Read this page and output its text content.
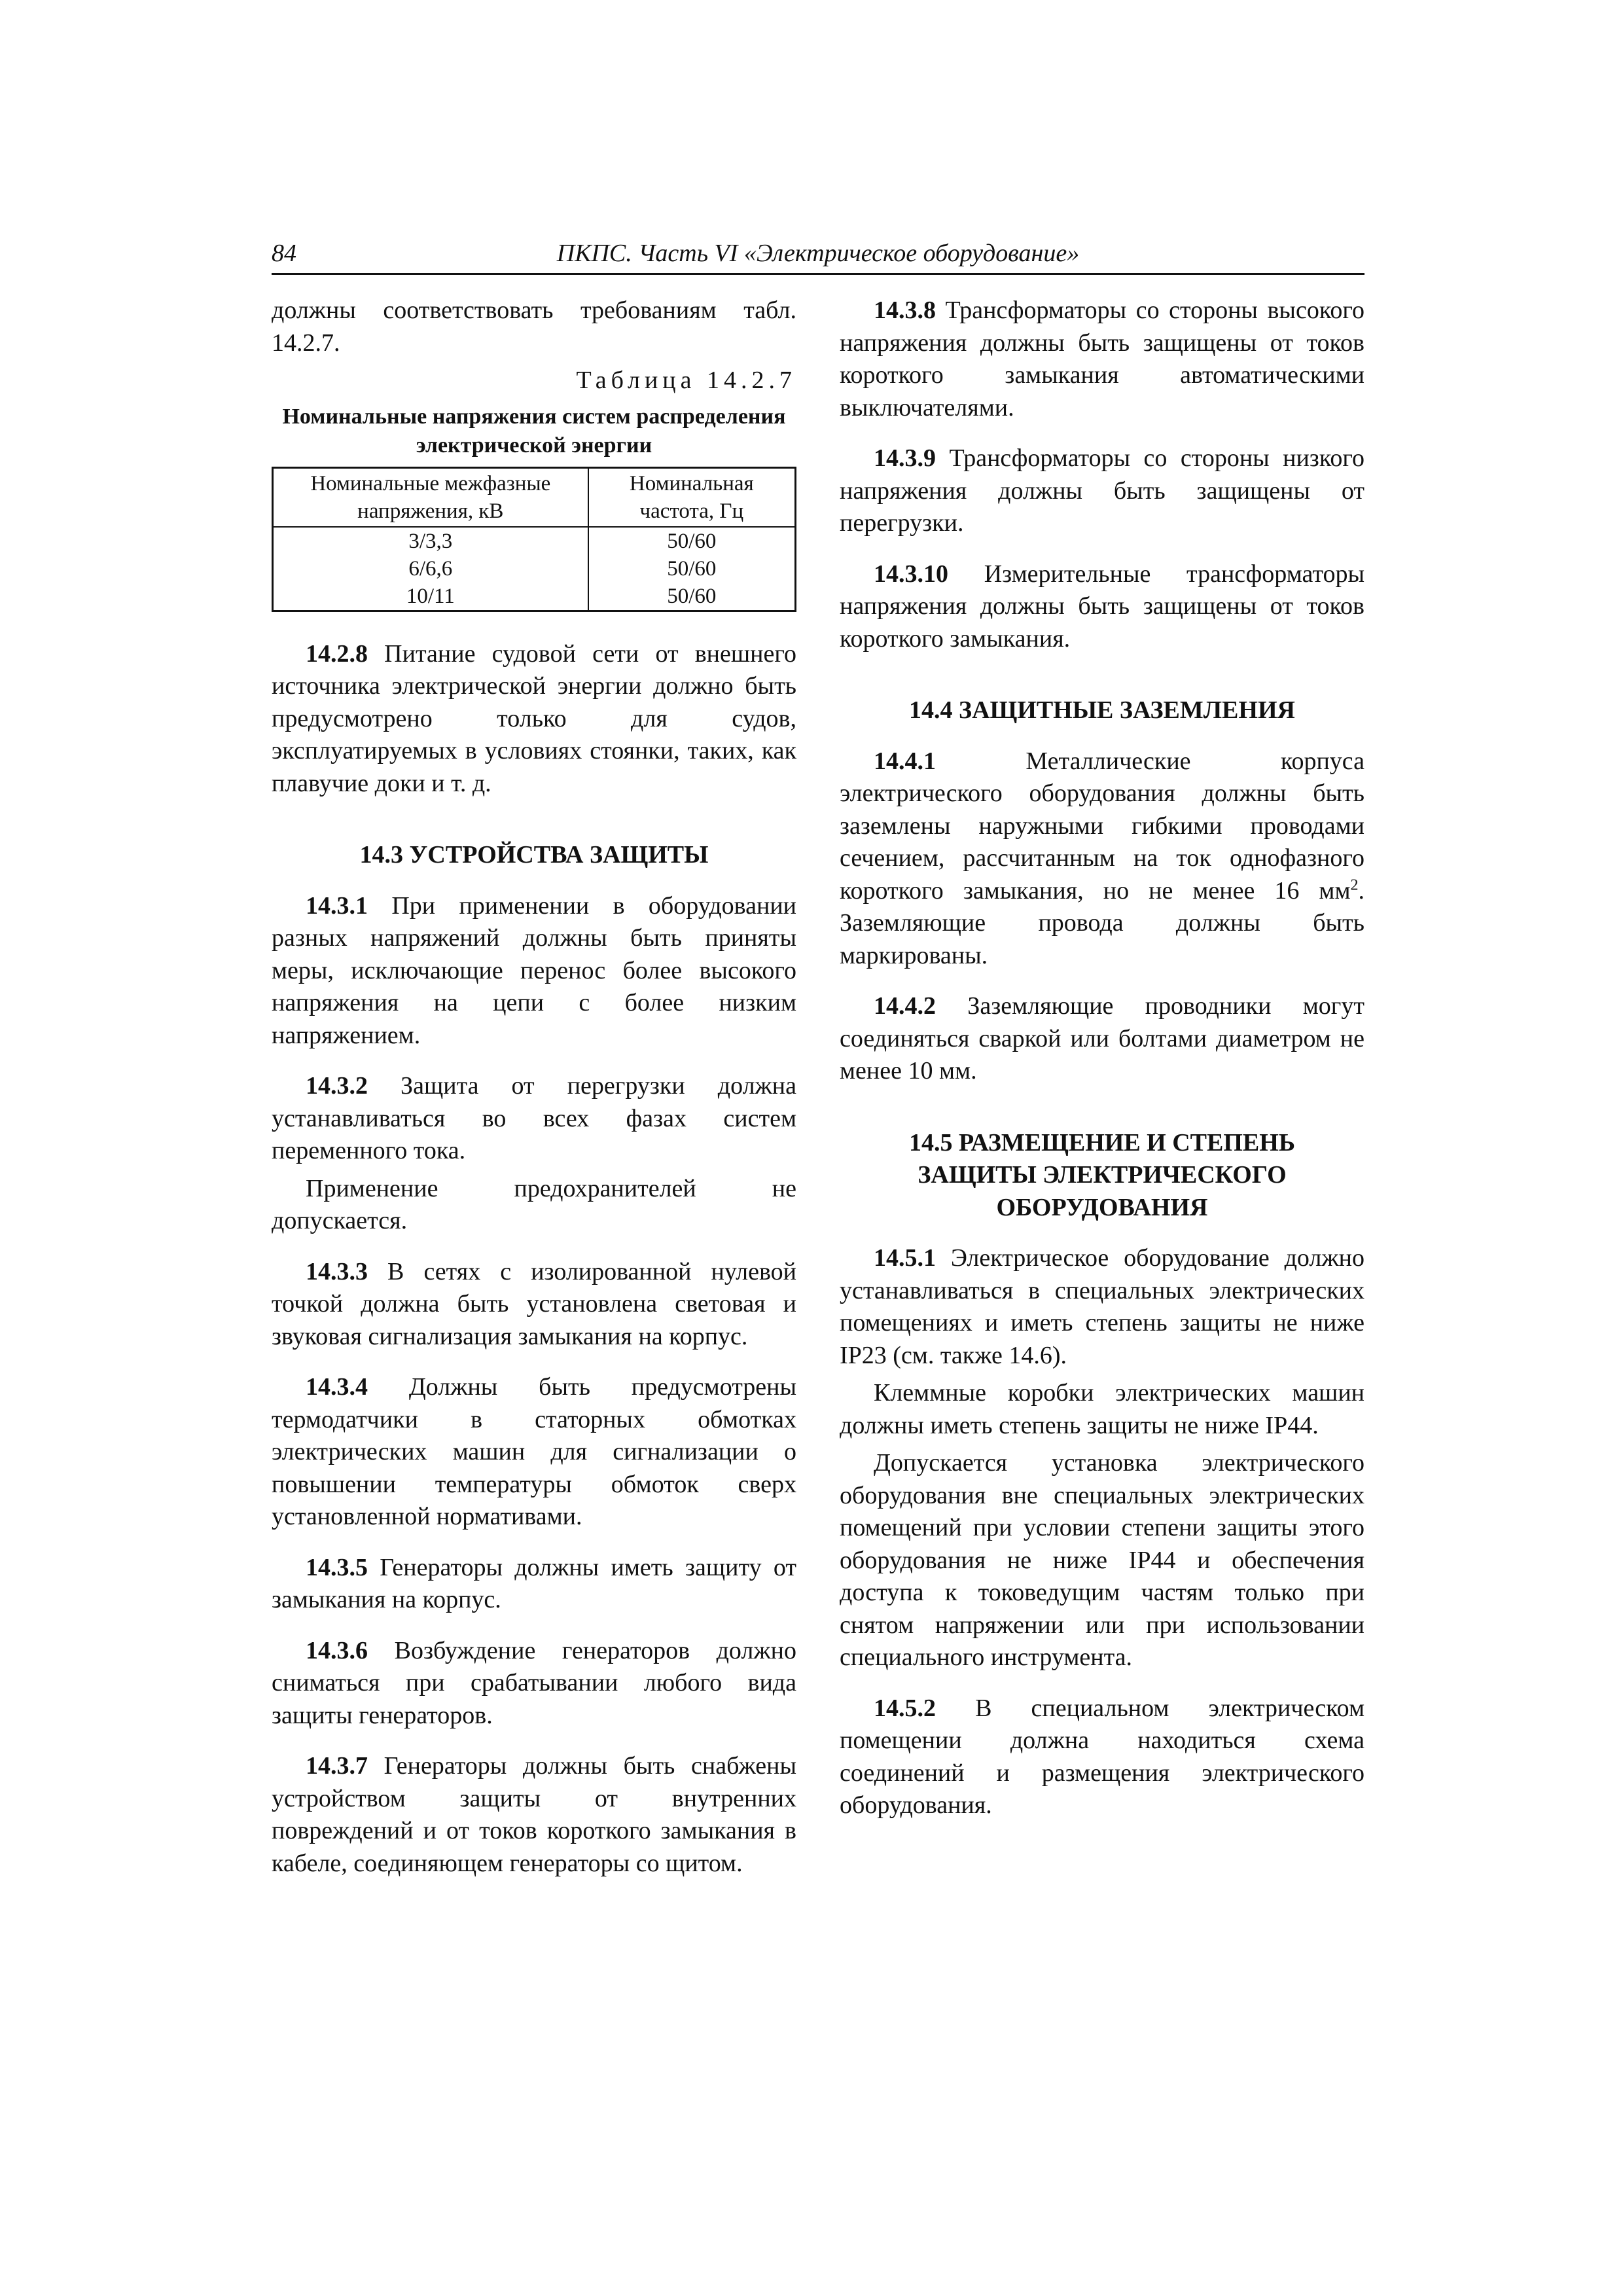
84	ПКПС. Часть VI «Электрическое оборудование»

должны соответствовать требованиям табл. 14.2.7.

Таблица 14.2.7
Номинальные напряжения систем распределения электрической энергии
Номинальные межфазные напряжения, кВ	Номинальная частота, Гц
3/3,3	50/60
6/6,6	50/60
10/11	50/60

14.2.8 Питание судовой сети от внешнего источника электрической энергии должно быть предусмотрено только для судов, эксплуатируемых в условиях стоянки, таких, как плавучие доки и т. д.

14.3 УСТРОЙСТВА ЗАЩИТЫ

14.3.1 При применении в оборудовании разных напряжений должны быть приняты меры, исключающие перенос более высокого напряжения на цепи с более низким напряжением.

14.3.2 Защита от перегрузки должна устанавливаться во всех фазах систем переменного тока.

Применение предохранителей не допускается.

14.3.3 В сетях с изолированной нулевой точкой должна быть установлена световая и звуковая сигнализация замыкания на корпус.

14.3.4 Должны быть предусмотрены термодатчики в статорных обмотках электрических машин для сигнализации о повышении температуры обмоток сверх установленной нормативами.

14.3.5 Генераторы должны иметь защиту от замыкания на корпус.

14.3.6 Возбуждение генераторов должно сниматься при срабатывании любого вида защиты генераторов.

14.3.7 Генераторы должны быть снабжены устройством защиты от внутренних повреждений и от токов короткого замыкания в кабеле, соединяющем генераторы со щитом.

14.3.8 Трансформаторы со стороны высокого напряжения должны быть защищены от токов короткого замыкания автоматическими выключателями.

14.3.9 Трансформаторы со стороны низкого напряжения должны быть защищены от перегрузки.

14.3.10 Измерительные трансформаторы напряжения должны быть защищены от токов короткого замыкания.

14.4 ЗАЩИТНЫЕ ЗАЗЕМЛЕНИЯ

14.4.1 Металлические корпуса электрического оборудования должны быть заземлены наружными гибкими проводами сечением, рассчитанным на ток однофазного короткого замыкания, но не менее 16 $мм^2$. Заземляющие провода должны быть маркированы.

14.4.2 Заземляющие проводники могут соединяться сваркой или болтами диаметром не менее 10 мм.

14.5 РАЗМЕЩЕНИЕ И СТЕПЕНЬ
ЗАЩИТЫ ЭЛЕКТРИЧЕСКОГО
ОБОРУДОВАНИЯ

14.5.1 Электрическое оборудование должно устанавливаться в специальных электрических помещениях и иметь степень защиты не ниже IP23 (см. также 14.6).

Клеммные коробки электрических машин должны иметь степень защиты не ниже IP44.

Допускается установка электрического оборудования вне специальных электрических помещений при условии степени защиты этого оборудования не ниже IP44 и обеспечения доступа к токоведущим частям только при снятом напряжении или при использовании специального инструмента.

14.5.2 В специальном электрическом помещении должна находиться схема соединений и размещения электрического оборудования.
